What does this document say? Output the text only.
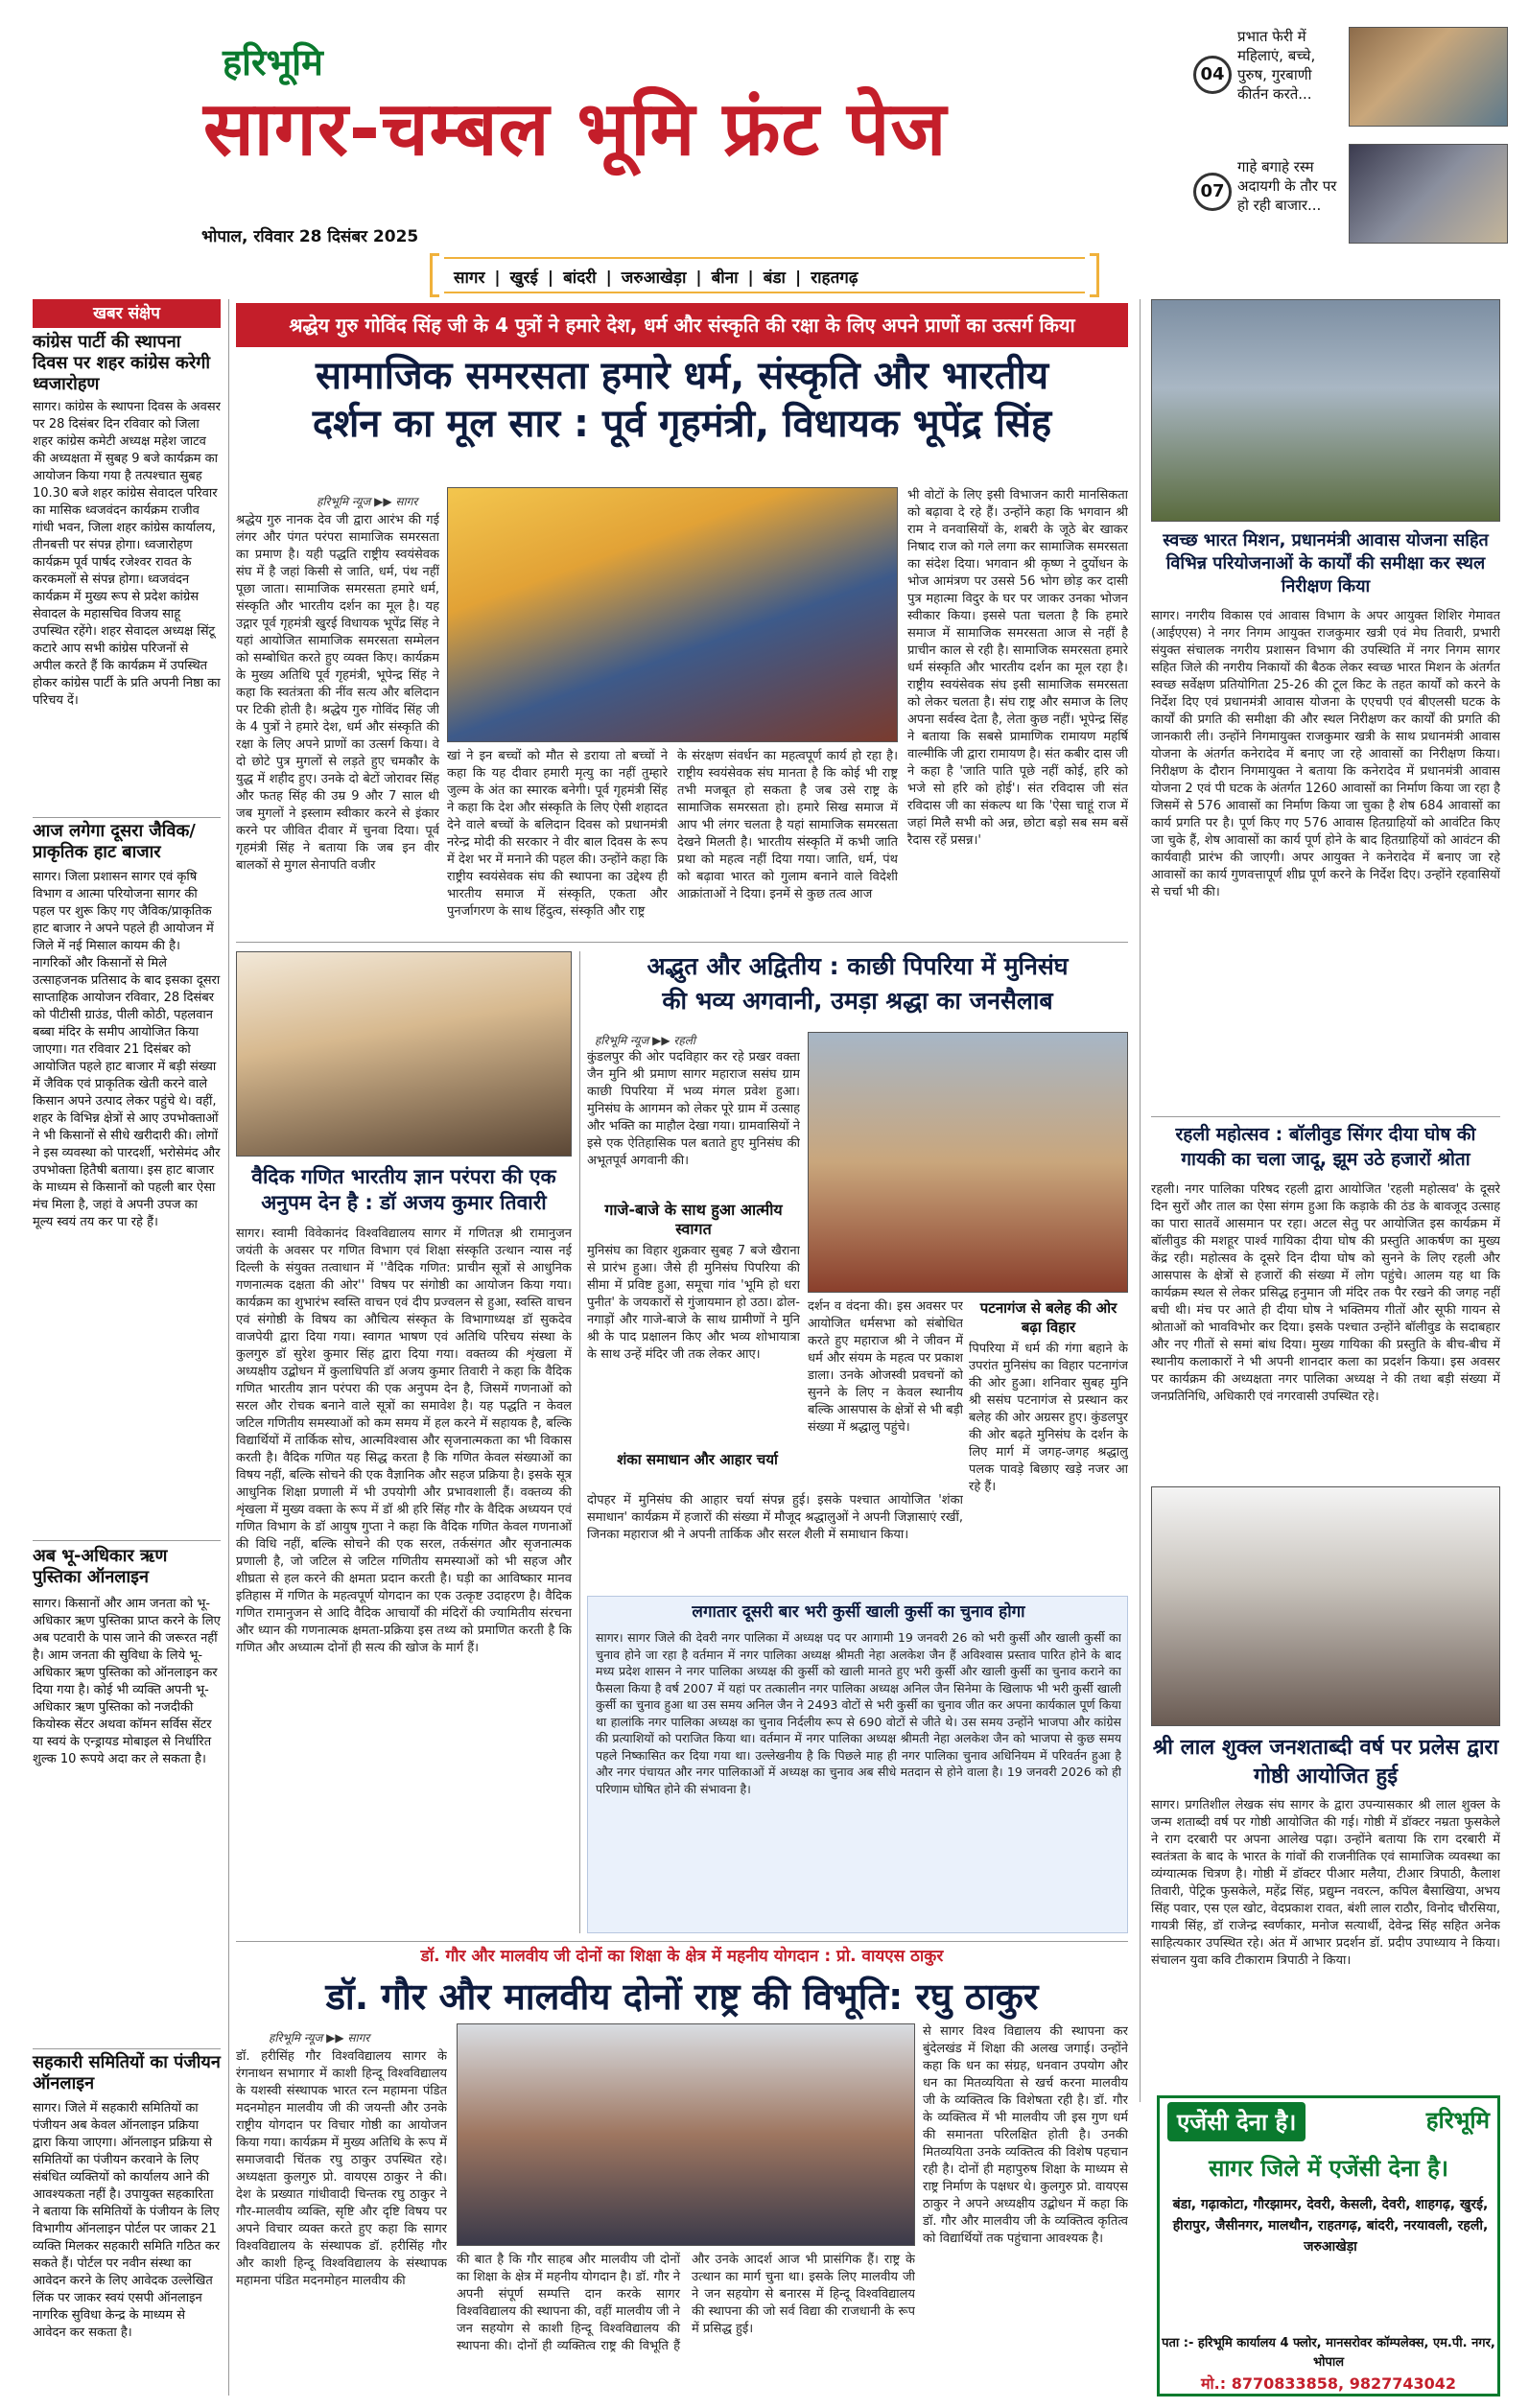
हरिभूमि
सागर-चम्बल भूमि फ्रंट पेज
भोपाल, रविवार 28 दिसंबर 2025
04
प्रभात फेरी में महिलाएं, बच्चे, पुरुष, गुरबाणी कीर्तन करते...
07
गाहे बगाहे रस्म अदायगी के तौर पर हो रही बाजार...
सागर | खुरई | बांदरी | जरुआखेड़ा | बीना | बंडा | राहतगढ़
खबर संक्षेप
कांग्रेस पार्टी की स्थापना दिवस पर शहर कांग्रेस करेगी ध्वजारोहण
सागर। कांग्रेस के स्थापना दिवस के अवसर पर 28 दिसंबर दिन रविवार को जिला शहर कांग्रेस कमेटी अध्यक्ष महेश जाटव की अध्यक्षता में सुबह 9 बजे कार्यक्रम का आयोजन किया गया है तत्पश्चात सुबह 10.30 बजे शहर कांग्रेस सेवादल परिवार का मासिक ध्वजवंदन कार्यक्रम राजीव गांधी भवन, जिला शहर कांग्रेस कार्यालय, तीनबत्ती पर संपन्न होगा। ध्वजारोहण कार्यक्रम पूर्व पार्षद रजेश्वर रावत के करकमलों से संपन्न होगा। ध्वजवंदन कार्यक्रम में मुख्य रूप से प्रदेश कांग्रेस सेवादल के महासचिव विजय साहू उपस्थित रहेंगे। शहर सेवादल अध्यक्ष सिंटू कटारे आप सभी कांग्रेस परिजनों से अपील करते हैं कि कार्यक्रम में उपस्थित होकर कांग्रेस पार्टी के प्रति अपनी निष्ठा का परिचय दें।
आज लगेगा दूसरा जैविक/ प्राकृतिक हाट बाजार
सागर। जिला प्रशासन सागर एवं कृषि विभाग व आत्मा परियोजना सागर की पहल पर शुरू किए गए जैविक/प्राकृतिक हाट बाजार ने अपने पहले ही आयोजन में जिले में नई मिसाल कायम की है। नागरिकों और किसानों से मिले उत्साहजनक प्रतिसाद के बाद इसका दूसरा साप्ताहिक आयोजन रविवार, 28 दिसंबर को पीटीसी ग्राउंड, पीली कोठी, पहलवान बब्बा मंदिर के समीप आयोजित किया जाएगा। गत रविवार 21 दिसंबर को आयोजित पहले हाट बाजार में बड़ी संख्या में जैविक एवं प्राकृतिक खेती करने वाले किसान अपने उत्पाद लेकर पहुंचे थे। वहीं, शहर के विभिन्न क्षेत्रों से आए उपभोक्ताओं ने भी किसानों से सीधे खरीदारी की। लोगों ने इस व्यवस्था को पारदर्शी, भरोसेमंद और उपभोक्ता हितैषी बताया। इस हाट बाजार के माध्यम से किसानों को पहली बार ऐसा मंच मिला है, जहां वे अपनी उपज का मूल्य स्वयं तय कर पा रहे हैं।
अब भू-अधिकार ऋण पुस्तिका ऑनलाइन
सागर। किसानों और आम जनता को भू-अधिकार ऋण पुस्तिका प्राप्त करने के लिए अब पटवारी के पास जाने की जरूरत नहीं है। आम जनता की सुविधा के लिये भू-अधिकार ऋण पुस्तिका को ऑनलाइन कर दिया गया है। कोई भी व्यक्ति अपनी भू-अधिकार ऋण पुस्तिका को नजदीकी कियोस्क सेंटर अथवा कॉमन सर्विस सेंटर या स्वयं के एन्ड्रायड मोबाइल से निर्धारित शुल्क 10 रूपये अदा कर ले सकता है।
सहकारी समितियों का पंजीयन ऑनलाइन
सागर। जिले में सहकारी समितियों का पंजीयन अब केवल ऑनलाइन प्रक्रिया द्वारा किया जाएगा। ऑनलाइन प्रक्रिया से समितियों का पंजीयन करवाने के लिए संबंधित व्यक्तियों को कार्यालय आने की आवश्यकता नहीं है। उपायुक्त सहकारिता ने बताया कि समितियों के पंजीयन के लिए विभागीय ऑनलाइन पोर्टल पर जाकर 21 व्यक्ति मिलकर सहकारी समिति गठित कर सकते हैं। पोर्टल पर नवीन संस्था का आवेदन करने के लिए आवेदक उल्लेखित लिंक पर जाकर स्वयं एसपी ऑनलाइन नागरिक सुविधा केन्द्र के माध्यम से आवेदन कर सकता है।
श्रद्धेय गुरु गोविंद सिंह जी के 4 पुत्रों ने हमारे देश, धर्म और संस्कृति की रक्षा के लिए अपने प्राणों का उत्सर्ग किया
सामाजिक समरसता हमारे धर्म, संस्कृति और भारतीय
दर्शन का मूल सार : पूर्व गृहमंत्री, विधायक भूपेंद्र सिंह
हरिभूमि न्यूज ▶▶ सागर
श्रद्धेय गुरु नानक देव जी द्वारा आरंभ की गई लंगर और पंगत परंपरा सामाजिक समरसता का प्रमाण है। यही पद्धति राष्ट्रीय स्वयंसेवक संघ में है जहां किसी से जाति, धर्म, पंथ नहीं पूछा जाता। सामाजिक समरसता हमारे धर्म, संस्कृति और भारतीय दर्शन का मूल है। यह उद्गार पूर्व गृहमंत्री खुरई विधायक भूपेंद्र सिंह ने यहां आयोजित सामाजिक समरसता सम्मेलन को सम्बोधित करते हुए व्यक्त किए। कार्यक्रम के मुख्य अतिथि पूर्व गृहमंत्री, भूपेन्द्र सिंह ने कहा कि स्वतंत्रता की नींव सत्य और बलिदान पर टिकी होती है। श्रद्धेय गुरु गोविंद सिंह जी के 4 पुत्रों ने हमारे देश, धर्म और संस्कृति की रक्षा के लिए अपने प्राणों का उत्सर्ग किया। वे दो छोटे पुत्र मुगलों से लड़ते हुए चमकौर के युद्ध में शहीद हुए। उनके दो बेटों जोरावर सिंह और फतह सिंह की उम्र 9 और 7 साल थी जब मुगलों ने इस्लाम स्वीकार करने से इंकार करने पर जीवित दीवार में चुनवा दिया। पूर्व गृहमंत्री सिंह ने बताया कि जब इन वीर बालकों से मुगल सेनापति वजीर
खां ने इन बच्चों को मौत से डराया तो बच्चों ने कहा कि यह दीवार हमारी मृत्यु का नहीं तुम्हारे जुल्म के अंत का स्मारक बनेगी। पूर्व गृहमंत्री सिंह ने कहा कि देश और संस्कृति के लिए ऐसी शहादत देने वाले बच्चों के बलिदान दिवस को प्रधानमंत्री नरेन्द्र मोदी की सरकार ने वीर बाल दिवस के रूप में देश भर में मनाने की पहल की। उन्होंने कहा कि राष्ट्रीय स्वयंसेवक संघ की स्थापना का उद्देश्य ही भारतीय समाज में संस्कृति, एकता और पुनर्जागरण के साथ हिंदुत्व, संस्कृति और राष्ट्र
के संरक्षण संवर्धन का महत्वपूर्ण कार्य हो रहा है। राष्ट्रीय स्वयंसेवक संघ मानता है कि कोई भी राष्ट्र तभी मजबूत हो सकता है जब उसे राष्ट्र के सामाजिक समरसता हो। हमारे सिख समाज में आप भी लंगर चलता है यहां सामाजिक समरसता देखने मिलती है। भारतीय संस्कृति में कभी जाति प्रथा को महत्व नहीं दिया गया। जाति, धर्म, पंथ को बढ़ावा भारत को गुलाम बनाने वाले विदेशी आक्रांताओं ने दिया। इनमें से कुछ तत्व आज
भी वोटों के लिए इसी विभाजन कारी मानसिकता को बढ़ावा दे रहे हैं। उन्होंने कहा कि भगवान श्री राम ने वनवासियों के, शबरी के जूठे बेर खाकर निषाद राज को गले लगा कर सामाजिक समरसता का संदेश दिया। भगवान श्री कृष्ण ने दुर्योधन के भोज आमंत्रण पर उससे 56 भोग छोड़ कर दासी पुत्र महात्मा विदुर के घर पर जाकर उनका भोजन स्वीकार किया। इससे पता चलता है कि हमारे समाज में सामाजिक समरसता आज से नहीं है प्राचीन काल से रही है। सामाजिक समरसता हमारे धर्म संस्कृति और भारतीय दर्शन का मूल रहा है। राष्ट्रीय स्वयंसेवक संघ इसी सामाजिक समरसता को लेकर चलता है। संघ राष्ट्र और समाज के लिए अपना सर्वस्व देता है, लेता कुछ नहीं। भूपेन्द्र सिंह ने बताया कि सबसे प्रामाणिक रामायण महर्षि वाल्मीकि जी द्वारा रामायण है। संत कबीर दास जी ने कहा है 'जाति पाति पूछे नहीं कोई, हरि को भजे सो हरि को होई'। संत रविदास जी संत रविदास जी का संकल्प था कि 'ऐसा चाहूं राज में जहां मिलै सभी को अन्न, छोटा बड़ो सब सम बसें रैदास रहें प्रसन्न।'
स्वच्छ भारत मिशन, प्रधानमंत्री आवास योजना सहित विभिन्न परियोजनाओं के कार्यों की समीक्षा कर स्थल निरीक्षण किया
सागर। नगरीय विकास एवं आवास विभाग के अपर आयुक्त शिशिर गेमावत (आईएएस) ने नगर निगम आयुक्त राजकुमार खत्री एवं मेघ तिवारी, प्रभारी संयुक्त संचालक नगरीय प्रशासन विभाग की उपस्थिति में नगर निगम सागर सहित जिले की नगरीय निकायों की बैठक लेकर स्वच्छ भारत मिशन के अंतर्गत स्वच्छ सर्वेक्षण प्रतियोगिता 25-26 की टूल किट के तहत कार्यों को करने के निर्देश दिए एवं प्रधानमंत्री आवास योजना के एएचपी एवं बीएलसी घटक के कार्यों की प्रगति की समीक्षा की और स्थल निरीक्षण कर कार्यों की प्रगति की जानकारी ली। उन्होंने निगमायुक्त राजकुमार खत्री के साथ प्रधानमंत्री आवास योजना के अंतर्गत कनेरादेव में बनाए जा रहे आवासों का निरीक्षण किया। निरीक्षण के दौरान निगमायुक्त ने बताया कि कनेरादेव में प्रधानमंत्री आवास योजना 2 एवं पी घटक के अंतर्गत 1260 आवासों का निर्माण किया जा रहा है जिसमें से 576 आवासों का निर्माण किया जा चुका है शेष 684 आवासों का कार्य प्रगति पर है। पूर्ण किए गए 576 आवास हितग्राहियों को आवंटित किए जा चुके हैं, शेष आवासों का कार्य पूर्ण होने के बाद हितग्राहियों को आवंटन की कार्यवाही प्रारंभ की जाएगी। अपर आयुक्त ने कनेरादेव में बनाए जा रहे आवासों का कार्य गुणवत्तापूर्ण शीघ्र पूर्ण करने के निर्देश दिए। उन्होंने रहवासियों से चर्चा भी की।
रहली महोत्सव : बॉलीवुड सिंगर दीया घोष की गायकी का चला जादू, झूम उठे हजारों श्रोता
रहली। नगर पालिका परिषद रहली द्वारा आयोजित 'रहली महोत्सव' के दूसरे दिन सुरों और ताल का ऐसा संगम हुआ कि कड़ाके की ठंड के बावजूद उत्साह का पारा सातवें आसमान पर रहा। अटल सेतु पर आयोजित इस कार्यक्रम में बॉलीवुड की मशहूर पार्श्व गायिका दीया घोष की प्रस्तुति आकर्षण का मुख्य केंद्र रही। महोत्सव के दूसरे दिन दीया घोष को सुनने के लिए रहली और आसपास के क्षेत्रों से हजारों की संख्या में लोग पहुंचे। आलम यह था कि कार्यक्रम स्थल से लेकर प्रसिद्ध हनुमान जी मंदिर तक पैर रखने की जगह नहीं बची थी। मंच पर आते ही दीया घोष ने भक्तिमय गीतों और सूफी गायन से श्रोताओं को भावविभोर कर दिया। इसके पश्चात उन्होंने बॉलीवुड के सदाबहार और नए गीतों से समां बांध दिया। मुख्य गायिका की प्रस्तुति के बीच-बीच में स्थानीय कलाकारों ने भी अपनी शानदार कला का प्रदर्शन किया। इस अवसर पर कार्यक्रम की अध्यक्षता नगर पालिका अध्यक्ष ने की तथा बड़ी संख्या में जनप्रतिनिधि, अधिकारी एवं नगरवासी उपस्थित रहे।
श्री लाल शुक्ल जनशताब्दी वर्ष पर प्रलेस द्वारा गोष्ठी आयोजित हुई
सागर। प्रगतिशील लेखक संघ सागर के द्वारा उपन्यासकार श्री लाल शुक्ल के जन्म शताब्दी वर्ष पर गोष्ठी आयोजित की गई। गोष्ठी में डॉक्टर नम्रता फुसकेले ने राग दरबारी पर अपना आलेख पढ़ा। उन्होंने बताया कि राग दरबारी में स्वतंत्रता के बाद के भारत के गांवों की राजनीतिक एवं सामाजिक व्यवस्था का व्यंग्यात्मक चित्रण है। गोष्ठी में डॉक्टर पीआर मलैया, टीआर त्रिपाठी, कैलाश तिवारी, पेट्रिक फुसकेले, महेंद्र सिंह, प्रद्युम्न नवरत्न, कपिल बैसाखिया, अभय सिंह पवार, एस एल खोट, वेदप्रकाश रावत, बंशी लाल राठौर, विनोद चौरसिया, गायत्री सिंह, डॉ राजेन्द्र स्वर्णकार, मनोज सत्यार्थी, देवेन्द्र सिंह सहित अनेक साहित्यकार उपस्थित रहे। अंत में आभार प्रदर्शन डॉ. प्रदीप उपाध्याय ने किया। संचालन युवा कवि टीकाराम त्रिपाठी ने किया।
वैदिक गणित भारतीय ज्ञान परंपरा की एक अनुपम देन है : डॉ अजय कुमार तिवारी
सागर। स्वामी विवेकानंद विश्वविद्यालय सागर में गणितज्ञ श्री रामानुजन जयंती के अवसर पर गणित विभाग एवं शिक्षा संस्कृति उत्थान न्यास नई दिल्ली के संयुक्त तत्वाधान में ''वैदिक गणित: प्राचीन सूत्रों से आधुनिक गणनात्मक दक्षता की ओर'' विषय पर संगोष्ठी का आयोजन किया गया। कार्यक्रम का शुभारंभ स्वस्ति वाचन एवं दीप प्रज्वलन से हुआ, स्वस्ति वाचन एवं संगोष्ठी के विषय का औचित्य संस्कृत के विभागाध्यक्ष डॉ सुकदेव वाजपेयी द्वारा दिया गया। स्वागत भाषण एवं अतिथि परिचय संस्था के कुलगुरु डॉ सुरेश कुमार सिंह द्वारा दिया गया। वक्तव्य की शृंखला में अध्यक्षीय उद्बोधन में कुलाधिपति डॉ अजय कुमार तिवारी ने कहा कि वैदिक गणित भारतीय ज्ञान परंपरा की एक अनुपम देन है, जिसमें गणनाओं को सरल और रोचक बनाने वाले सूत्रों का समावेश है। यह पद्धति न केवल जटिल गणितीय समस्याओं को कम समय में हल करने में सहायक है, बल्कि विद्यार्थियों में तार्किक सोच, आत्मविश्वास और सृजनात्मकता का भी विकास करती है। वैदिक गणित यह सिद्ध करता है कि गणित केवल संख्याओं का विषय नहीं, बल्कि सोचने की एक वैज्ञानिक और सहज प्रक्रिया है। इसके सूत्र आधुनिक शिक्षा प्रणाली में भी उपयोगी और प्रभावशाली हैं। वक्तव्य की शृंखला में मुख्य वक्ता के रूप में डॉ श्री हरि सिंह गौर के वैदिक अध्ययन एवं गणित विभाग के डॉ आयुष गुप्ता ने कहा कि वैदिक गणित केवल गणनाओं की विधि नहीं, बल्कि सोचने की एक सरल, तर्कसंगत और सृजनात्मक प्रणाली है, जो जटिल से जटिल गणितीय समस्याओं को भी सहज और शीघ्रता से हल करने की क्षमता प्रदान करती है। घड़ी का आविष्कार मानव इतिहास में गणित के महत्वपूर्ण योगदान का एक उत्कृष्ट उदाहरण है। वैदिक गणित रामानुजन से आदि वैदिक आचार्यों की मंदिरों की ज्यामितीय संरचना और ध्यान की गणनात्मक क्षमता-प्रक्रिया इस तथ्य को प्रमाणित करती है कि गणित और अध्यात्म दोनों ही सत्य की खोज के मार्ग हैं।
अद्भुत और अद्वितीय : काछी पिपरिया में मुनिसंघ
की भव्य अगवानी, उमड़ा श्रद्धा का जनसैलाब
हरिभूमि न्यूज ▶▶ रहली
कुंडलपुर की ओर पदविहार कर रहे प्रखर वक्ता जैन मुनि श्री प्रमाण सागर महाराज ससंघ ग्राम काछी पिपरिया में भव्य मंगल प्रवेश हुआ। मुनिसंघ के आगमन को लेकर पूरे ग्राम में उत्साह और भक्ति का माहौल देखा गया। ग्रामवासियों ने इसे एक ऐतिहासिक पल बताते हुए मुनिसंघ की अभूतपूर्व अगवानी की।
गाजे-बाजे के साथ हुआ आत्मीय स्वागत
मुनिसंघ का विहार शुक्रवार सुबह 7 बजे खैराना से प्रारंभ हुआ। जैसे ही मुनिसंघ पिपरिया की सीमा में प्रविष्ट हुआ, समूचा गांव 'भूमि हो धरा पुनीत' के जयकारों से गुंजायमान हो उठा। ढोल-नगाड़ों और गाजे-बाजे के साथ ग्रामीणों ने मुनि श्री के पाद प्रक्षालन किए और भव्य शोभायात्रा के साथ उन्हें मंदिर जी तक लेकर आए।
दर्शन व वंदना की। इस अवसर पर आयोजित धर्मसभा को संबोधित करते हुए महाराज श्री ने जीवन में धर्म और संयम के महत्व पर प्रकाश डाला। उनके ओजस्वी प्रवचनों को सुनने के लिए न केवल स्थानीय बल्कि आसपास के क्षेत्रों से भी बड़ी संख्या में श्रद्धालु पहुंचे।
शंका समाधान और आहार चर्या
दोपहर में मुनिसंघ की आहार चर्या संपन्न हुई। इसके पश्चात आयोजित 'शंका समाधान' कार्यक्रम में हजारों की संख्या में मौजूद श्रद्धालुओं ने अपनी जिज्ञासाएं रखीं, जिनका महाराज श्री ने अपनी तार्किक और सरल शैली में समाधान किया।
पटनागंज से बलेह की ओर बढ़ा विहार
पिपरिया में धर्म की गंगा बहाने के उपरांत मुनिसंघ का विहार पटनागंज की ओर हुआ। शनिवार सुबह मुनि श्री ससंघ पटनागंज से प्रस्थान कर बलेह की ओर अग्रसर हुए। कुंडलपुर की ओर बढ़ते मुनिसंघ के दर्शन के लिए मार्ग में जगह-जगह श्रद्धालु पलक पावड़े बिछाए खड़े नजर आ रहे हैं।
लगातार दूसरी बार भरी कुर्सी खाली कुर्सी का चुनाव होगा
सागर। सागर जिले की देवरी नगर पालिका में अध्यक्ष पद पर आगामी 19 जनवरी 26 को भरी कुर्सी और खाली कुर्सी का चुनाव होने जा रहा है वर्तमान में नगर पालिका अध्यक्ष श्रीमती नेहा अलकेश जैन हैं अविश्वास प्रस्ताव पारित होने के बाद मध्य प्रदेश शासन ने नगर पालिका अध्यक्ष की कुर्सी को खाली मानते हुए भरी कुर्सी और खाली कुर्सी का चुनाव कराने का फैसला किया है वर्ष 2007 में यहां पर तत्कालीन नगर पालिका अध्यक्ष अनिल जैन सिनेमा के खिलाफ भी भरी कुर्सी खाली कुर्सी का चुनाव हुआ था उस समय अनिल जैन ने 2493 वोटों से भरी कुर्सी का चुनाव जीत कर अपना कार्यकाल पूर्ण किया था हालांकि नगर पालिका अध्यक्ष का चुनाव निर्दलीय रूप से 690 वोटों से जीते थे। उस समय उन्होंने भाजपा और कांग्रेस की प्रत्याशियों को पराजित किया था। वर्तमान में नगर पालिका अध्यक्ष श्रीमती नेहा अलकेश जैन को भाजपा से कुछ समय पहले निष्कासित कर दिया गया था। उल्लेखनीय है कि पिछले माह ही नगर पालिका चुनाव अधिनियम में परिवर्तन हुआ है और नगर पंचायत और नगर पालिकाओं में अध्यक्ष का चुनाव अब सीधे मतदान से होने वाला है। 19 जनवरी 2026 को ही परिणाम घोषित होने की संभावना है।
डॉ. गौर और मालवीय जी दोनों का शिक्षा के क्षेत्र में महनीय योगदान : प्रो. वायएस ठाकुर
डॉ. गौर और मालवीय दोनों राष्ट्र की विभूति: रघु ठाकुर
हरिभूमि न्यूज ▶▶ सागर
डॉ. हरीसिंह गौर विश्वविद्यालय सागर के रंगनाथन सभागार में काशी हिन्दू विश्वविद्यालय के यशस्वी संस्थापक भारत रत्न महामना पंडित मदनमोहन मालवीय जी की जयन्ती और उनके राष्ट्रीय योगदान पर विचार गोष्ठी का आयोजन किया गया। कार्यक्रम में मुख्य अतिथि के रूप में समाजवादी चिंतक रघु ठाकुर उपस्थित रहे। अध्यक्षता कुलगुरु प्रो. वायएस ठाकुर ने की। देश के प्रख्यात गांधीवादी चिन्तक रघु ठाकुर ने गौर-मालवीय व्यक्ति, सृष्टि और दृष्टि विषय पर अपने विचार व्यक्त करते हुए कहा कि सागर विश्वविद्यालय के संस्थापक डॉ. हरीसिंह गौर और काशी हिन्दू विश्वविद्यालय के संस्थापक महामना पंडित मदनमोहन मालवीय की
की बात है कि गौर साहब और मालवीय जी दोनों का शिक्षा के क्षेत्र में महनीय योगदान है। डॉ. गौर ने अपनी संपूर्ण सम्पत्ति दान करके सागर विश्वविद्यालय की स्थापना की, वहीं मालवीय जी ने जन सहयोग से काशी हिन्दू विश्वविद्यालय की स्थापना की। दोनों ही व्यक्तित्व राष्ट्र की विभूति हैं और उनके आदर्श आज भी प्रासंगिक हैं। राष्ट्र के उत्थान का मार्ग चुना था। इसके लिए मालवीय जी ने जन सहयोग से बनारस में हिन्दू विश्वविद्यालय की स्थापना की जो सर्व विद्या की राजधानी के रूप में प्रसिद्ध हुई।
से सागर विश्व विद्यालय की स्थापना कर बुंदेलखंड में शिक्षा की अलख जगाई। उन्होंने कहा कि धन का संग्रह, धनवान उपयोग और धन का मितव्ययिता से खर्च करना मालवीय जी के व्यक्तित्व कि विशेषता रही है। डॉ. गौर के व्यक्तित्व में भी मालवीय जी इस गुण धर्म की समानता परिलक्षित होती है। उनकी मितव्ययिता उनके व्यक्तित्व की विशेष पहचान रही है। दोनों ही महापुरुष शिक्षा के माध्यम से राष्ट्र निर्माण के पक्षधर थे। कुलगुरु प्रो. वायएस ठाकुर ने अपने अध्यक्षीय उद्बोधन में कहा कि डॉ. गौर और मालवीय जी के व्यक्तित्व कृतित्व को विद्यार्थियों तक पहुंचाना आवश्यक है।
एजेंसी देना है।	हरिभूमि
सागर जिले में एजेंसी देना है।
बंडा, गढ़ाकोटा, गौरझामर, देवरी, केसली, देवरी, शाहगढ़, खुरई, हीरापुर, जैसीनगर, मालथौन, राहतगढ़, बांदरी, नरयावली, रहली, जरुआखेड़ा
पता :- हरिभूमि कार्यालय 4 फ्लोर, मानसरोवर कॉम्पलेक्स, एम.पी. नगर, भोपाल
मो.: 8770833858, 9827743042
